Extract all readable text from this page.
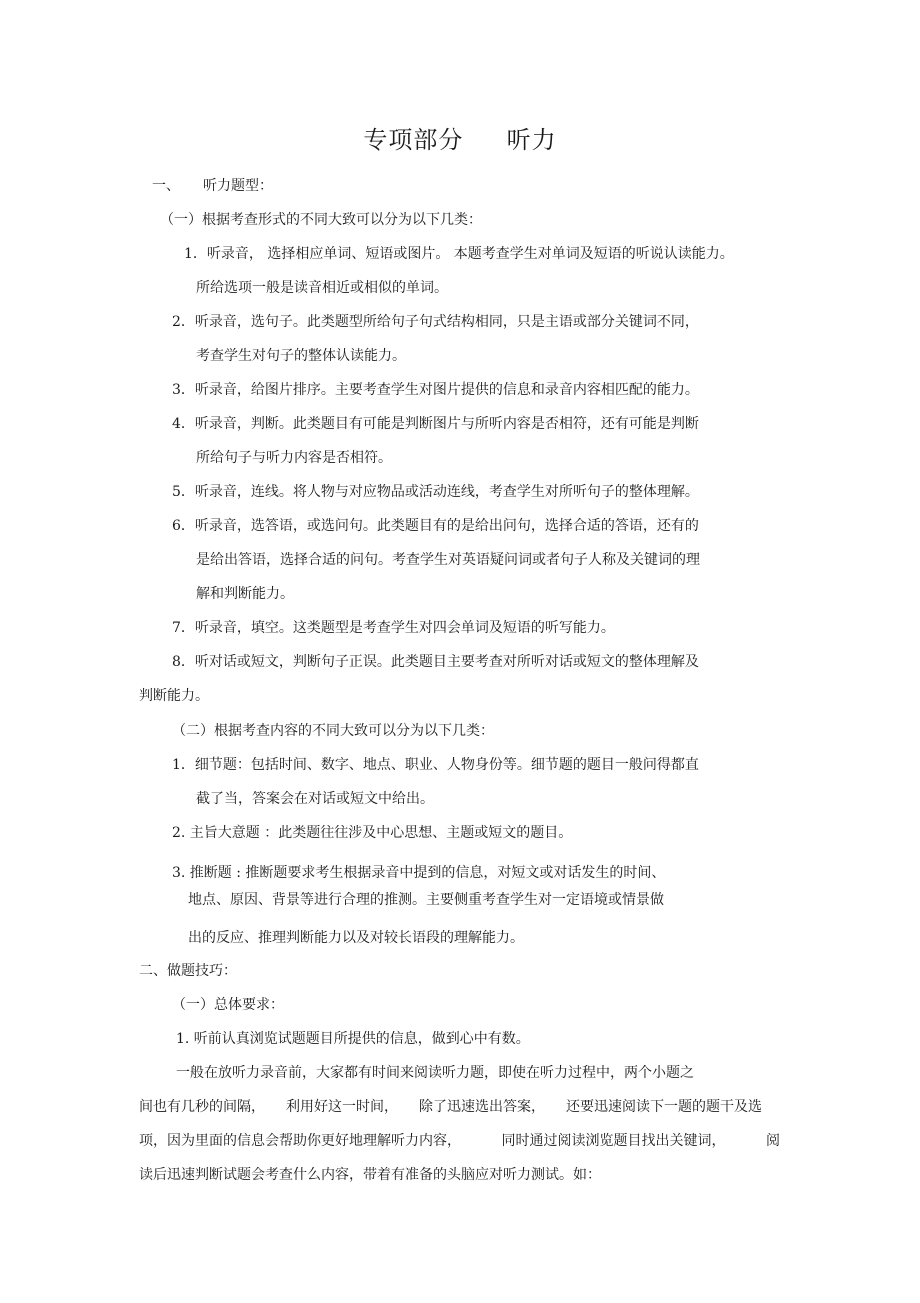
专项部分     听力
一、 听力题型：
（一）根据考查形式的不同大致可以分为以下几类：
1．听录音， 选择相应单词、短语或图片。 本题考查学生对单词及短语的听说认读能力。
所给选项一般是读音相近或相似的单词。
2．听录音，选句子。此类题型所给句子句式结构相同，只是主语或部分关键词不同，
考查学生对句子的整体认读能力。
3．听录音，给图片排序。主要考查学生对图片提供的信息和录音内容相匹配的能力。
4．听录音，判断。此类题目有可能是判断图片与所听内容是否相符，还有可能是判断
所给句子与听力内容是否相符。
5．听录音，连线。将人物与对应物品或活动连线，考查学生对所听句子的整体理解。
6．听录音，选答语，或选问句。此类题目有的是给出问句，选择合适的答语，还有的
是给出答语，选择合适的问句。考查学生对英语疑问词或者句子人称及关键词的理
解和判断能力。
7．听录音，填空。这类题型是考查学生对四会单词及短语的听写能力。
8．听对话或短文，判断句子正误。此类题目主要考查对所听对话或短文的整体理解及
判断能力。
（二）根据考查内容的不同大致可以分为以下几类：
1．细节题：包括时间、数字、地点、职业、人物身份等。细节题的题目一般问得都直
截了当，答案会在对话或短文中给出。
2. 主旨大意题 ：此类题往往涉及中心思想、主题或短文的题目。
3. 推断题 : 推断题要求考生根据录音中提到的信息，对短文或对话发生的时间、
地点、原因、背景等进行合理的推测。主要侧重考查学生对一定语境或情景做
出的反应、推理判断能力以及对较长语段的理解能力。
二、做题技巧：
（一）总体要求：
1. 听前认真浏览试题题目所提供的信息，做到心中有数。
一般在放听力录音前，大家都有时间来阅读听力题，即使在听力过程中，两个小题之
间也有几秒的间隔， 利用好这一时间， 除了迅速选出答案， 还要迅速阅读下一题的题干及选
项，因为里面的信息会帮助你更好地理解听力内容，	同时通过阅读浏览题目找出关键词，	阅
读后迅速判断试题会考查什么内容，带着有准备的头脑应对听力测试。如：
